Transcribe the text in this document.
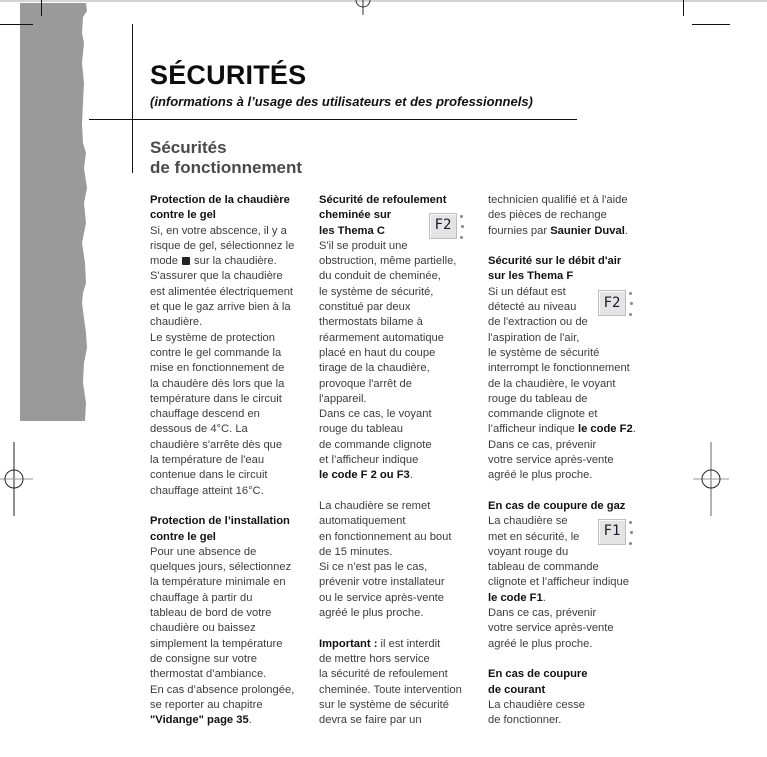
SÉCURITÉS

(informations à l’usage des utilisateurs et des professionnels)

Sécurités
de fonctionnement
Protection de la chaudière
contre le gel
Si, en votre abscence, il y a
risque de gel, sélectionnez le
mode sur la chaudière.
S'assurer que la chaudière
est alimentée électriquement
et que le gaz arrive bien à la
chaudière.
Le système de protection
contre le gel commande la
mise en fonctionnement de
la chaudère dès lors que la
température dans le circuit
chauffage descend en
dessous de 4°C. La
chaudière s'arrête dès que
la température de l'eau
contenue dans le circuit
chauffage atteint 16°C.
Protection de l’installation
contre le gel
Pour une absence de
quelques jours, sélectionnez
la température minimale en
chauffage à partir du
tableau de bord de votre
chaudière ou baissez
simplement la température
de consigne sur votre
thermostat d’ambiance.
En cas d’absence prolongée,
se reporter au chapitre
"Vidange" page 35.
F2
Sécurité de refoulement
cheminée sur
les Thema C
S'il se produit une
obstruction, même partielle,
du conduit de cheminée,
le système de sécurité,
constitué par deux
thermostats bilame à
réarmement automatique
placé en haut du coupe
tirage de la chaudière,
provoque l'arrêt de
l'appareil.
Dans ce cas, le voyant
rouge du tableau
de commande clignote
et l’afficheur indique
le code F 2 ou F3.
La chaudière se remet
automatiquement
en fonctionnement au bout
de 15 minutes.
Si ce n’est pas le cas,
prévenir votre installateur
ou le service après-vente
agréé le plus proche.
Important : il est interdit
de mettre hors service
la sécurité de refoulement
cheminée. Toute intervention
sur le système de sécurité
devra se faire par un
technicien qualifié et à l'aide
des pièces de rechange
fournies par Saunier Duval.
F2
Sécurité sur le débit d'air
sur les Thema F
Si un défaut est
détecté au niveau
de l'extraction ou de
l'aspiration de l'air,
le système de sécurité
interrompt le fonctionnement
de la chaudière, le voyant
rouge du tableau de
commande clignote et
l’afficheur indique le code F2.
Dans ce cas, prévenir
votre service après-vente
agréé le plus proche.
F1
En cas de coupure de gaz
La chaudière se
met en sécurité, le
voyant rouge du
tableau de commande
clignote et l’afficheur indique
le code F1.
Dans ce cas, prévenir
votre service après-vente
agréé le plus proche.
En cas de coupure
de courant
La chaudière cesse
de fonctionner.
